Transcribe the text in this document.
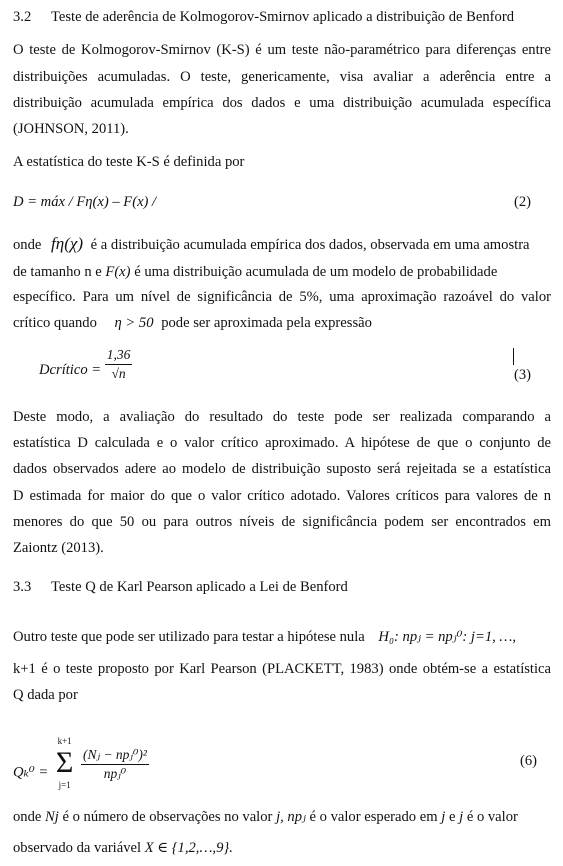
3.2 Teste de aderência de Kolmogorov-Smirnov aplicado a distribuição de Benford
O teste de Kolmogorov-Smirnov (K-S) é um teste não-paramétrico para diferenças entre
distribuições acumuladas. O teste, genericamente, visa avaliar a aderência entre a
distribuição acumulada empírica dos dados e uma distribuição acumulada específica
(JOHNSON, 2011).
A estatística do teste K-S é definida por
D = máx / Fη(x) – F(x) /	(2)
onde fη(χ) é a distribuição acumulada empírica dos dados, observada em uma amostra
de tamanho n e F(x) é uma distribuição acumulada de um modelo de probabilidade
específico. Para um nível de significância de 5%, uma aproximação razoável do valor
crítico quando η > 50 pode ser aproximada pela expressão
Dcrítico = $\frac{1,36}{√n}$	(3)
Deste modo, a avaliação do resultado do teste pode ser realizada comparando a
estatística D calculada e o valor crítico aproximado. A hipótese de que o conjunto de
dados observados adere ao modelo de distribuição suposto será rejeitada se a estatística
D estimada for maior do que o valor crítico adotado. Valores críticos para valores de n
menores do que 50 ou para outros níveis de significância podem ser encontrados em
Zaiontz (2013).
3.3 Teste Q de Karl Pearson aplicado a Lei de Benford
Outro teste que pode ser utilizado para testar a hipótese nula H₀: npⱼ = npⱼ⁰: j=1, …,
k+1 é o teste proposto por Karl Pearson (PLACKETT, 1983) onde obtém-se a estatística
Q dada por
Qₖ⁰ =
k+1
Σ
j=1

$\frac{\text{(Nⱼ − npⱼ⁰)²}}{\text{npⱼ⁰}}$	(6)
onde Nj é o número de observações no valor j, npⱼ é o valor esperado em j e j é o valor
observado da variável X ∈ {1,2,…,9}.
